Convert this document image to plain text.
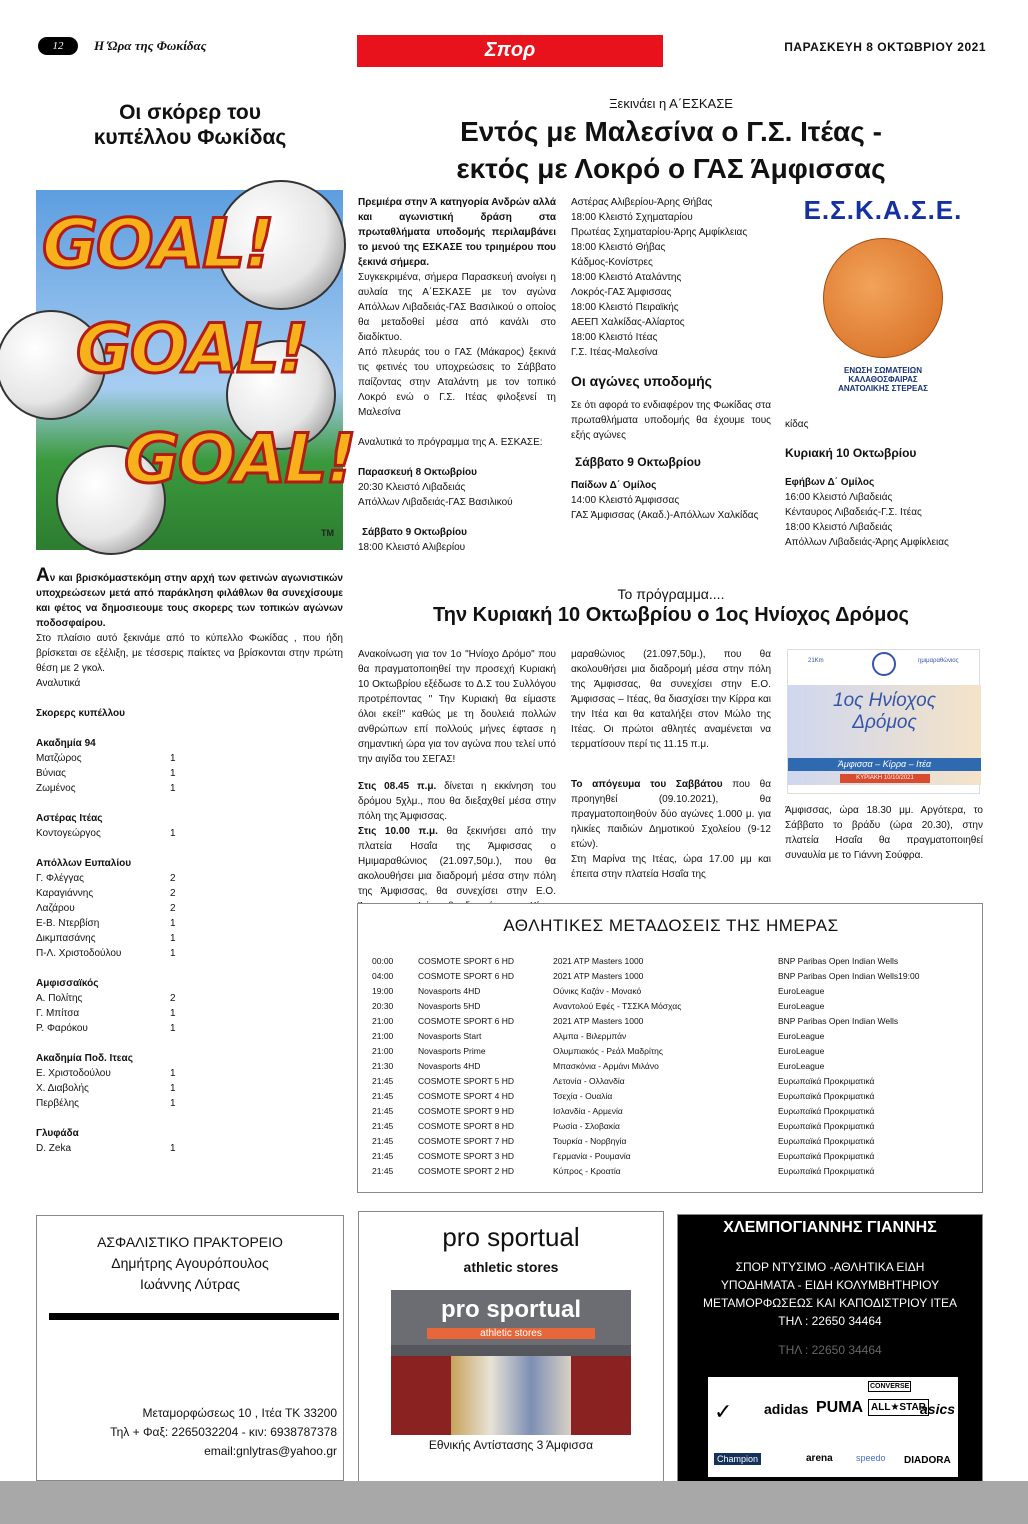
12	Η Ώρα της Φωκίδας	Σπορ	ΠΑΡΑΣΚΕΥΗ 8 ΟΚΤΩΒΡΙΟΥ 2021
Οι σκόρερ του
κυπέλλου Φωκίδας
GOAL!
GOAL!
GOAL!
TM

Αν και βρισκόμαστεκόμη στην αρχή των φετινών αγωνιστικών υποχρεώσεων μετά από παράκληση φιλάθλων θα συνεχίσουμε και φέτος να δημοσιεουμε τους σκορερς των τοπικών αγώνων ποδοσφαίρου.

Στο πλαίσιο αυτό ξεκινάμε από το κύπελλο Φωκίδας , που ήδη βρίσκεται σε εξέλιξη, με τέσσερις παίκτες να βρίσκονται στην πρώτη θέση με 2 γκολ.

Αναλυτικά

Σκορερς κυπέλλου

Ακαδημία 94
Ματζώρος	1
Βύνιας	1
Ζωμένος	1
Αστέρας Ιτέας
Κοντογεώργος	1
Απόλλων Ευπαλίου
Γ. Φλέγγας	2
Καραγιάννης	2
Λαζάρου	2
Ε-Β. Ντερβίση	1
Δικμπασάνης	1
Π-Λ. Χριστοδούλου	1
Αμφισσαϊκός
Α. Πολίτης	2
Γ. Μπίτσα	1
Ρ. Φαρόκου	1
Ακαδημία Ποδ. Ιτεας
Ε. Χριστοδούλου	1
Χ. Διαβολής	1
Περβέλης	1
Γλυφάδα
D. Zeka	1
Ξεκινάει η Α΄ΕΣΚΑΣΕ
Εντός με Μαλεσίνα ο Γ.Σ. Ιτέας -
εκτός με Λοκρό ο ΓΑΣ Άμφισσας

Πρεμιέρα στην Ά κατηγορία Ανδρών αλλά και αγωνιστική δράση στα πρωταθλήματα υποδομής περιλαμβάνει το μενού της ΕΣΚΑΣΕ του τριημέρου που ξεκινά σήμερα.

Συγκεκριμένα, σήμερα Παρασκευή ανοίγει η αυλαία της Α΄ΕΣΚΑΣΕ με τον αγώνα Απόλλων Λιβαδειάς-ΓΑΣ Βασιλικού ο οποίος θα μεταδοθεί μέσα από κανάλι στο διαδίκτυο.

Από πλευράς του ο ΓΑΣ (Μάκαρος) ξεκινά τις φετινές του υποχρεώσεις το Σάββατο παίζοντας στην Αταλάντη με τον τοπικό Λοκρό ενώ ο Γ.Σ. Ιτέας φιλοξενεί τη Μαλεσίνα

Αναλυτικά το πρόγραμμα της Α. ΕΣΚΑΣΕ:

Παρασκευή 8 Οκτωβρίου

20:30 Κλειστό Λιβαδειάς

Απόλλων Λιβαδειάς-ΓΑΣ Βασιλικού

Σάββατο 9 Οκτωβρίου

18:00 Κλειστό Αλιβερίου

Αστέρας Αλιβερίου-Άρης Θήβας

18:00 Κλειστό Σχηματαρίου

Πρωτέας Σχηματαρίου-Άρης Αμφίκλειας

18:00 Κλειστό Θήβας

Κάδμος-Κονίστρες

18:00 Κλειστό Αταλάντης

Λοκρός-ΓΑΣ Άμφισσας

18:00 Κλειστό Πειραϊκής

ΑΕΕΠ Χαλκίδας-Αλίαρτος

18:00 Κλειστό Ιτέας

Γ.Σ. Ιτέας-Μαλεσίνα

Οι αγώνες υποδομής

Σε ότι αφορά το ενδιαφέρον της Φωκίδας στα πρωταθλήματα υποδομής θα έχουμε τους εξής αγώνες

Σάββατο 9 Οκτωβρίου

Παίδων Δ΄ Ομίλος

14:00 Κλειστό Άμφισσας

ΓΑΣ Άμφισσας (Ακαδ.)-Απόλλων Χαλκίδας

Ε.Σ.Κ.Α.Σ.Ε.
ΕΝΩΣΗ ΣΩΜΑΤΕΙΩΝ
ΚΑΛΑΘΟΣΦΑΙΡΑΣ
ΑΝΑΤΟΛΙΚΗΣ ΣΤΕΡΕΑΣ

κίδας

Κυριακή 10 Οκτωβρίου

Εφήβων Δ΄ Ομίλος

16:00 Κλειστό Λιβαδειάς

Κένταυρος Λιβαδειάς-Γ.Σ. Ιτέας

18:00 Κλειστό Λιβαδειάς

Απόλλων Λιβαδειάς-Άρης Αμφίκλειας

Το πρόγραμμα....
Την Κυριακή 10 Οκτωβρίου ο 1ος Ηνίοχος Δρόμος

Ανακοίνωση για τον 1ο "Ηνίοχο Δρόμο" που θα πραγματοποιηθεί την προσεχή Κυριακή 10 Οκτωβρίου εξέδωσε το Δ.Σ του Συλλόγου προτρέποντας " Την Κυριακή θα είμαστε όλοι εκεί!" καθώς με τη δουλειά πολλών ανθρώπων επί πολλούς μήνες έφτασε η σημαντική ώρα για τον αγώνα που τελεί υπό την αιγίδα του ΣΕΓΑΣ!

Στις 08.45 π.μ. δίνεται η εκκίνηση του δρόμου 5χλμ., που θα διεξαχθεί μέσα στην πόλη της Άμφισσας.

Στις 10.00 π.μ. θα ξεκινήσει από την πλατεία Ησαΐα της Άμφισσας ο Ημιμαραθώνιος (21.097,50μ.), που θα ακολουθήσει μια διαδρομή μέσα στην πόλη της Άμφισσας, θα συνεχίσει στην Ε.Ο.

μαραθώνιος (21.097,50μ.), που θα ακολουθήσει μια διαδρομή μέσα στην πόλη της Άμφισσας, θα συνεχίσει στην Ε.Ο. Άμφισσας – Ιτέας, θα διασχίσει την Κίρρα και την Ιτέα και θα καταλήξει στον Μώλο της Ιτέας. Οι πρώτοι αθλητές αναμένεται να τερματίσουν περί τις 11.15 π.μ.

Το απόγευμα του Σαββάτου που θα προηγηθεί (09.10.2021), θα πραγματοποιηθούν δύο αγώνες 1.000 μ. για ηλικίες παιδιών Δημοτικού Σχολείου (9-12 ετών).

Στη Μαρίνα της Ιτέας, ώρα 17.00 μμ και έπειτα στην πλατεία Ησαΐα της

21Km	ημιμαραθώνιος
1ος Ηνίοχος
Δρόμος
Άμφισσα – Κίρρα – Ιτέα
ΚΥΡΙΑΚΗ 10/10/2021

Άμφισσας, ώρα 18.30 μμ. Αργότερα, το Σάββατο το βράδυ (ώρα 20.30), στην πλατεία Ησαΐα θα πραγματοποιηθεί συναυλία με το Γιάννη Σούφρα.

ΑΘΛΗΤΙΚΕΣ ΜΕΤΑΔΟΣΕΙΣ ΤΗΣ ΗΜΕΡΑΣ
00:00	COSMOTE SPORT 6 HD	2021 ATP Masters 1000	BNP Paribas Open Indian Wells
04:00	COSMOTE SPORT 6 HD	2021 ATP Masters 1000	BNP Paribas Open Indian Wells19:00
19:00	Novasports 4HD	Ούνικς Καζάν - Μονακό	EuroLeague
20:30	Novasports 5HD	Αναντολού Εφές - ΤΣΣΚΑ Μόσχας	EuroLeague
21:00	COSMOTE SPORT 6 HD	2021 ATP Masters 1000	BNP Paribas Open Indian Wells
21:00	Novasports Start	Αλμπα - Βιλερμπάν	EuroLeague
21:00	Novasports Prime	Ολυμπιακός - Ρεάλ Μαδρίτης	EuroLeague
21:30	Novasports 4HD	Μπασκόνια - Αρμάνι Μιλάνο	EuroLeague
21:45	COSMOTE SPORT 5 HD	Λετονία - Ολλανδία	Ευρωπαϊκά Προκριματικά
21:45	COSMOTE SPORT 4 HD	Τσεχία - Ουαλία	Ευρωπαϊκά Προκριματικά
21:45	COSMOTE SPORT 9 HD	Ισλανδία - Αρμενία	Ευρωπαϊκά Προκριματικά
21:45	COSMOTE SPORT 8 HD	Ρωσία - Σλοβακία	Ευρωπαϊκά Προκριματικά
21:45	COSMOTE SPORT 7 HD	Τουρκία - Νορβηγία	Ευρωπαϊκά Προκριματικά
21:45	COSMOTE SPORT 3 HD	Γερμανία - Ρουμανία	Ευρωπαϊκά Προκριματικά
21:45	COSMOTE SPORT 2 HD	Κύπρος - Κροατία	Ευρωπαϊκά Προκριματικά
ΑΣΦΑΛΙΣΤΙΚΟ ΠΡΑΚΤΟΡΕΙΟ
Δημήτρης Αγουρόπουλος
Ιωάννης Λύτρας
Μεταμορφώσεως 10 , Ιτέα ΤΚ 33200
Τηλ + Φαξ: 2265032204 - κιν: 6938787378
email:gnlytras@yahoo.gr
pro sportual
athletic stores
pro sportual
athletic stores
Εθνικής Αντίστασης 3 Άμφισσα
ΧΛΕΜΠΟΓΙΑΝΝΗΣ ΓΙΑΝΝΗΣ
ΣΠΟΡ ΝΤΥΣΙΜΟ -ΑΘΛΗΤΙΚΑ ΕΙΔΗ
ΥΠΟΔΗΜΑΤΑ - ΕΙΔΗ ΚΟΛΥΜΒΗΤΗΡΙΟΥ
ΜΕΤΑΜΟΡΦΩΣΕΩΣ ΚΑΙ ΚΑΠΟΔΙΣΤΡΙΟΥ ΙΤΕΑ
ΤΗΛ : 22650 34464
ΤΗΛ : 22650 34464
✓ adidas PUMA
CONVERSE
ALL★STAR
asics
Champion	arena	speedo DIADORA
